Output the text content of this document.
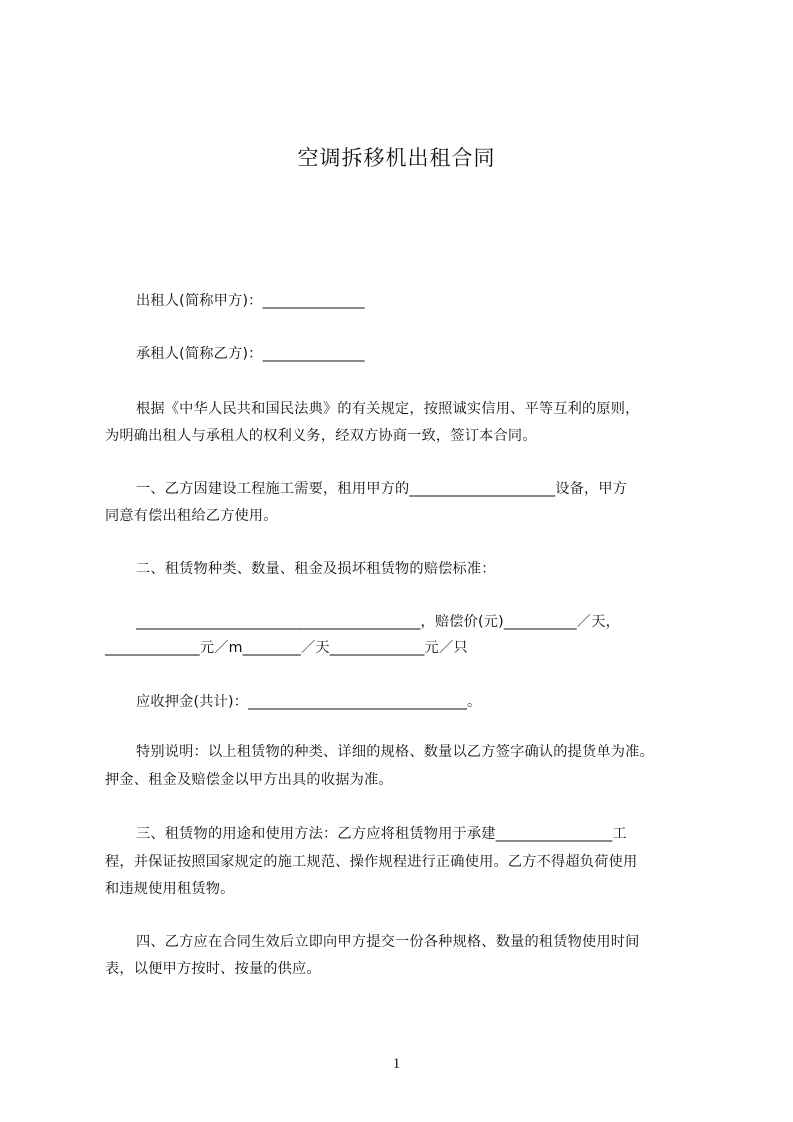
空调拆移机出租合同
出租人(简称甲方)：______________
承租人(简称乙方)：______________
根据《中华人民共和国民法典》的有关规定，按照诚实信用、平等互利的原则，
为明确出租人与承租人的权利义务，经双方协商一致，签订本合同。
一、乙方因建设工程施工需要，租用甲方的____________________设备，甲方
同意有偿出租给乙方使用。
二、租赁物种类、数量、租金及损坏租赁物的赔偿标准：
_______________________________________，赔偿价(元)__________／天，
_____________元／m________／天_____________元／只
应收押金(共计)：______________________________。
特别说明：以上租赁物的种类、详细的规格、数量以乙方签字确认的提货单为准。
押金、租金及赔偿金以甲方出具的收据为准。
三、租赁物的用途和使用方法：乙方应将租赁物用于承建________________工
程，并保证按照国家规定的施工规范、操作规程进行正确使用。乙方不得超负荷使用
和违规使用租赁物。
四、乙方应在合同生效后立即向甲方提交一份各种规格、数量的租赁物使用时间
表，以便甲方按时、按量的供应。
1
